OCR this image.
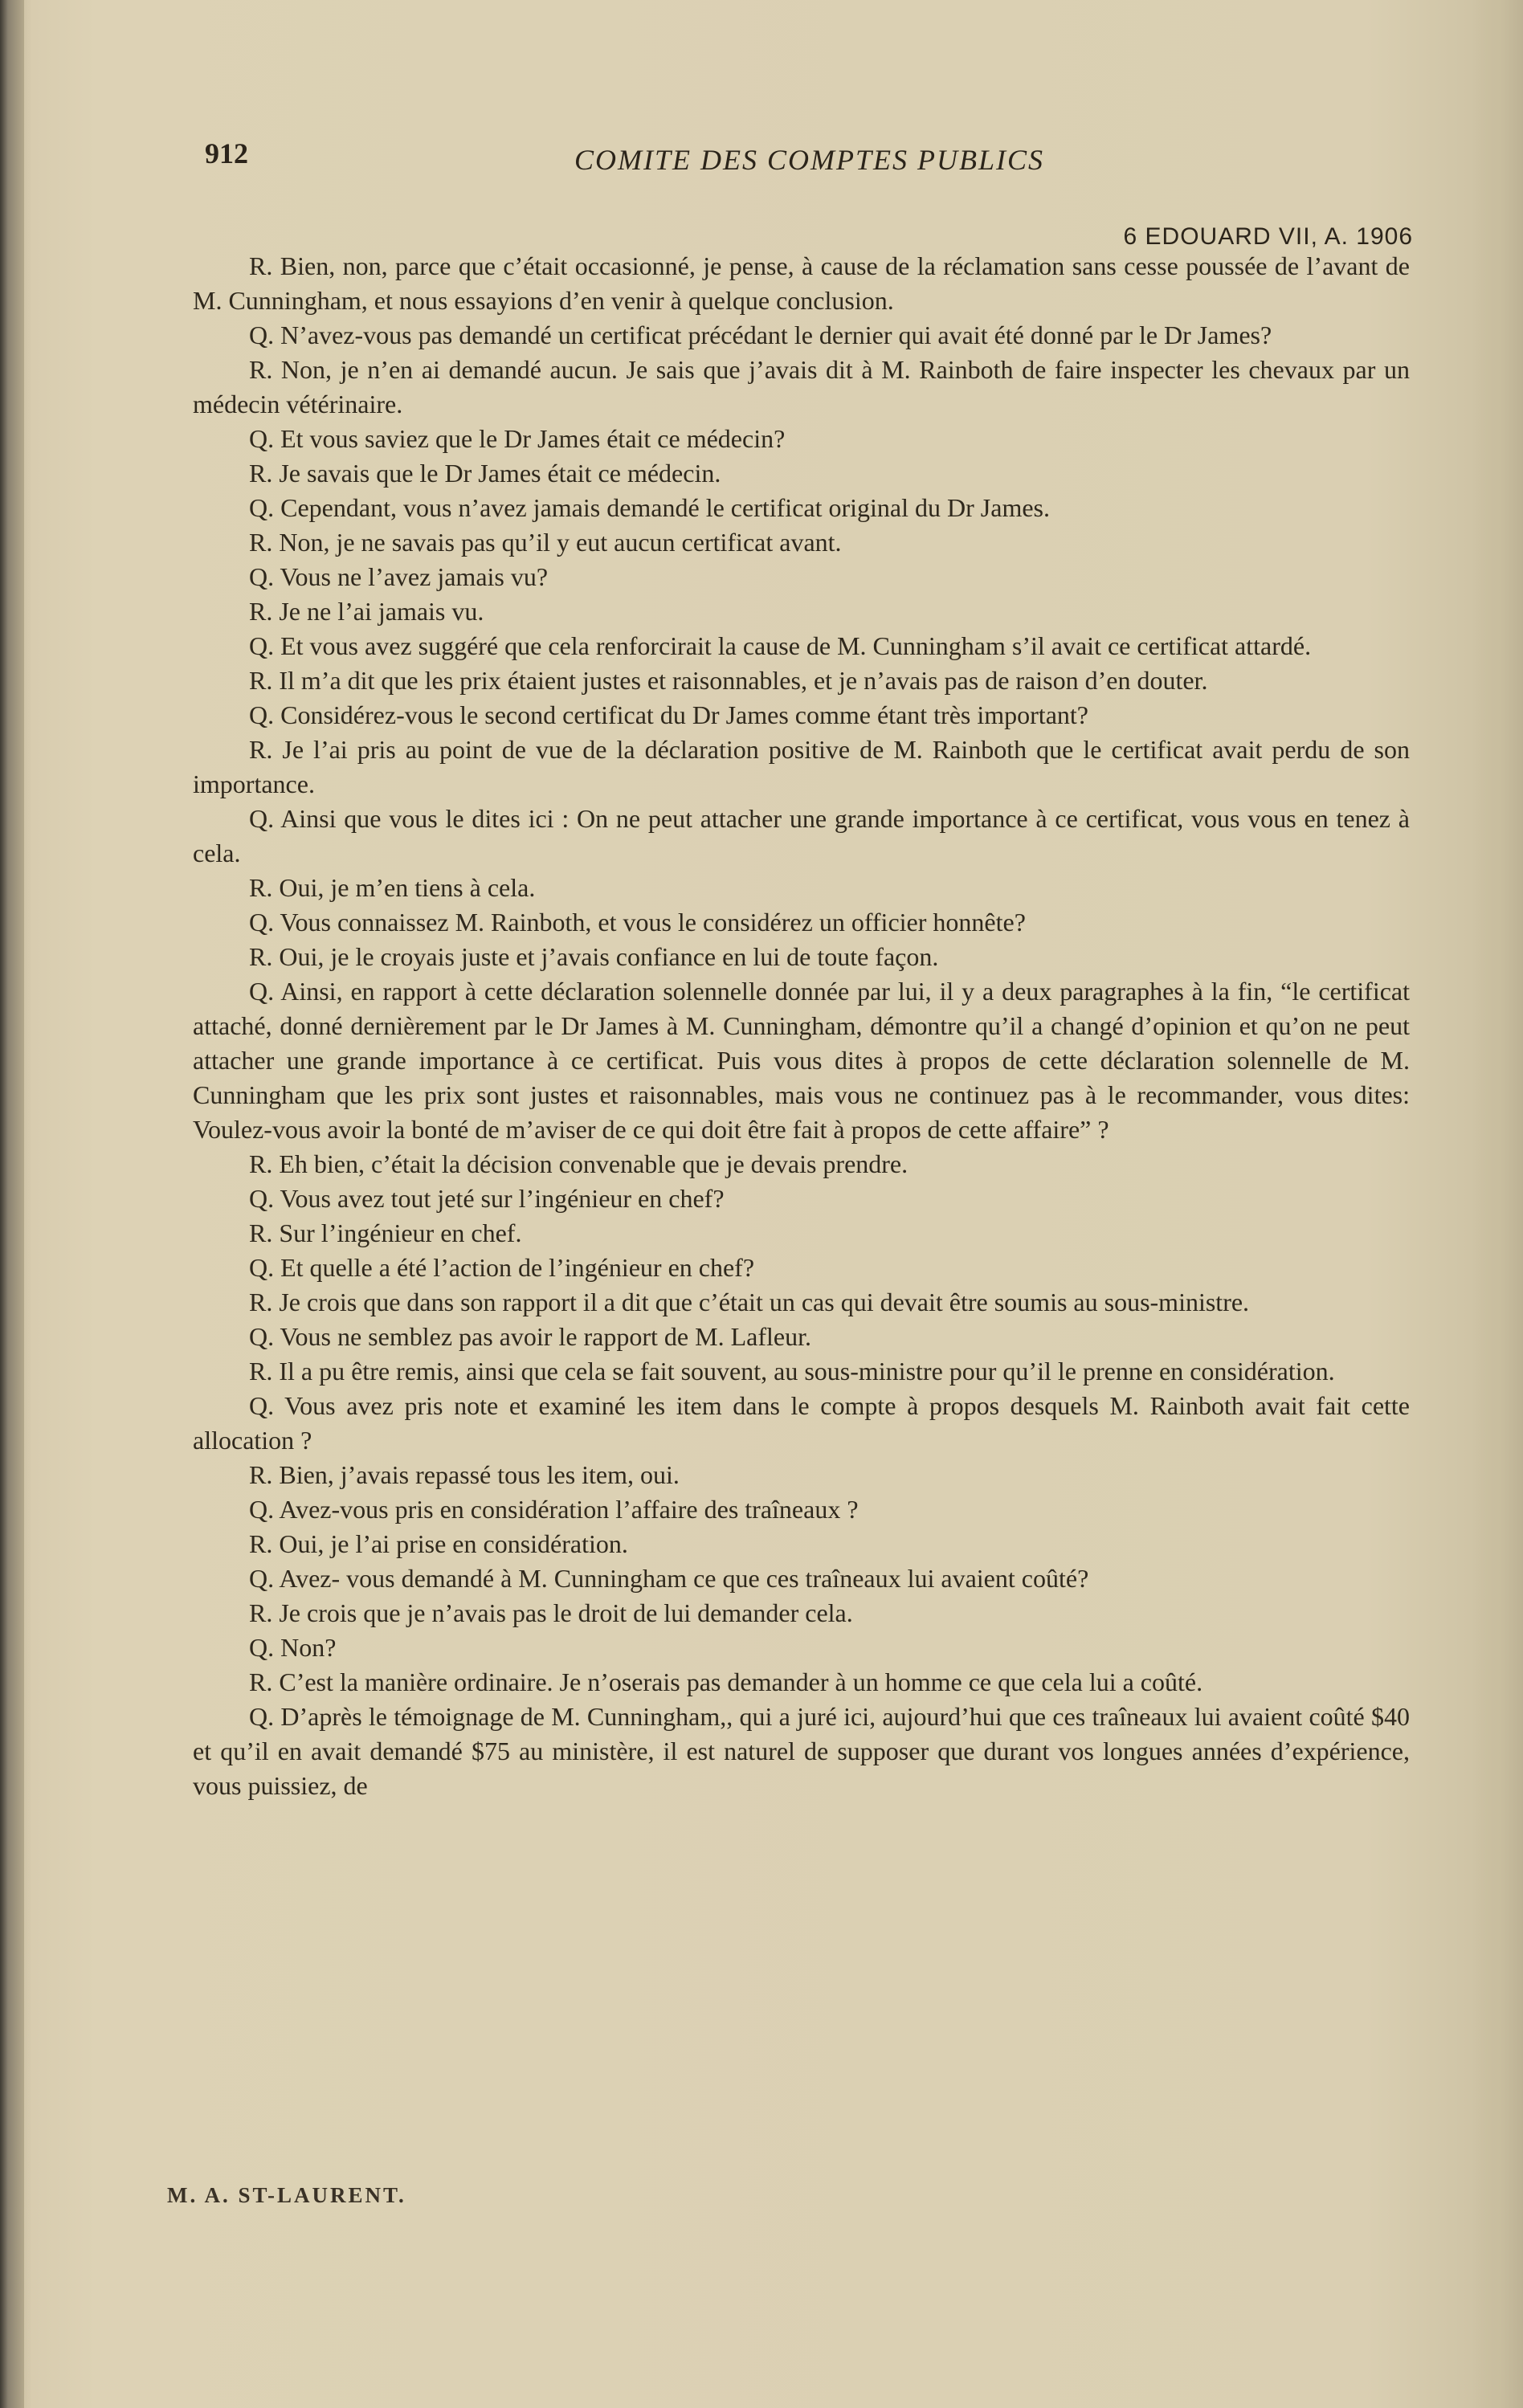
912	COMITE DES COMPTES PUBLICS
6 EDOUARD VII, A. 1906

R. Bien, non, parce que c’était occasionné, je pense, à cause de la réclamation sans cesse poussée de l’avant de M. Cunningham, et nous essayions d’en venir à quelque conclusion.

Q. N’avez-vous pas demandé un certificat précédant le dernier qui avait été donné par le Dr James?

R. Non, je n’en ai demandé aucun. Je sais que j’avais dit à M. Rainboth de faire inspecter les chevaux par un médecin vétérinaire.

Q. Et vous saviez que le Dr James était ce médecin?

R. Je savais que le Dr James était ce médecin.

Q. Cependant, vous n’avez jamais demandé le certificat original du Dr James.

R. Non, je ne savais pas qu’il y eut aucun certificat avant.

Q. Vous ne l’avez jamais vu?

R. Je ne l’ai jamais vu.

Q. Et vous avez suggéré que cela renforcirait la cause de M. Cunningham s’il avait ce certificat attardé.

R. Il m’a dit que les prix étaient justes et raisonnables, et je n’avais pas de raison d’en douter.

Q. Considérez-vous le second certificat du Dr James comme étant très important?

R. Je l’ai pris au point de vue de la déclaration positive de M. Rainboth que le certificat avait perdu de son importance.

Q. Ainsi que vous le dites ici : On ne peut attacher une grande importance à ce certificat, vous vous en tenez à cela.

R. Oui, je m’en tiens à cela.

Q. Vous connaissez M. Rainboth, et vous le considérez un officier honnête?

R. Oui, je le croyais juste et j’avais confiance en lui de toute façon.

Q. Ainsi, en rapport à cette déclaration solennelle donnée par lui, il y a deux paragraphes à la fin, “le certificat attaché, donné dernièrement par le Dr James à M. Cunningham, démontre qu’il a changé d’opinion et qu’on ne peut attacher une grande importance à ce certificat. Puis vous dites à propos de cette déclaration solennelle de M. Cunningham que les prix sont justes et raisonnables, mais vous ne continuez pas à le recommander, vous dites: Voulez-vous avoir la bonté de m’aviser de ce qui doit être fait à propos de cette affaire” ?

R. Eh bien, c’était la décision convenable que je devais prendre.

Q. Vous avez tout jeté sur l’ingénieur en chef?

R. Sur l’ingénieur en chef.

Q. Et quelle a été l’action de l’ingénieur en chef?

R. Je crois que dans son rapport il a dit que c’était un cas qui devait être soumis au sous-ministre.

Q. Vous ne semblez pas avoir le rapport de M. Lafleur.

R. Il a pu être remis, ainsi que cela se fait souvent, au sous-ministre pour qu’il le prenne en considération.

Q. Vous avez pris note et examiné les item dans le compte à propos desquels M. Rainboth avait fait cette allocation ?

R. Bien, j’avais repassé tous les item, oui.

Q. Avez-vous pris en considération l’affaire des traîneaux ?

R. Oui, je l’ai prise en considération.

Q. Avez- vous demandé à M. Cunningham ce que ces traîneaux lui avaient coûté?

R. Je crois que je n’avais pas le droit de lui demander cela.

Q. Non?

R. C’est la manière ordinaire. Je n’oserais pas demander à un homme ce que cela lui a coûté.

Q. D’après le témoignage de M. Cunningham,, qui a juré ici, aujourd’hui que ces traîneaux lui avaient coûté $40 et qu’il en avait demandé $75 au ministère, il est naturel de supposer que durant vos longues années d’expérience, vous puissiez, de

M. A. ST-LAURENT.
